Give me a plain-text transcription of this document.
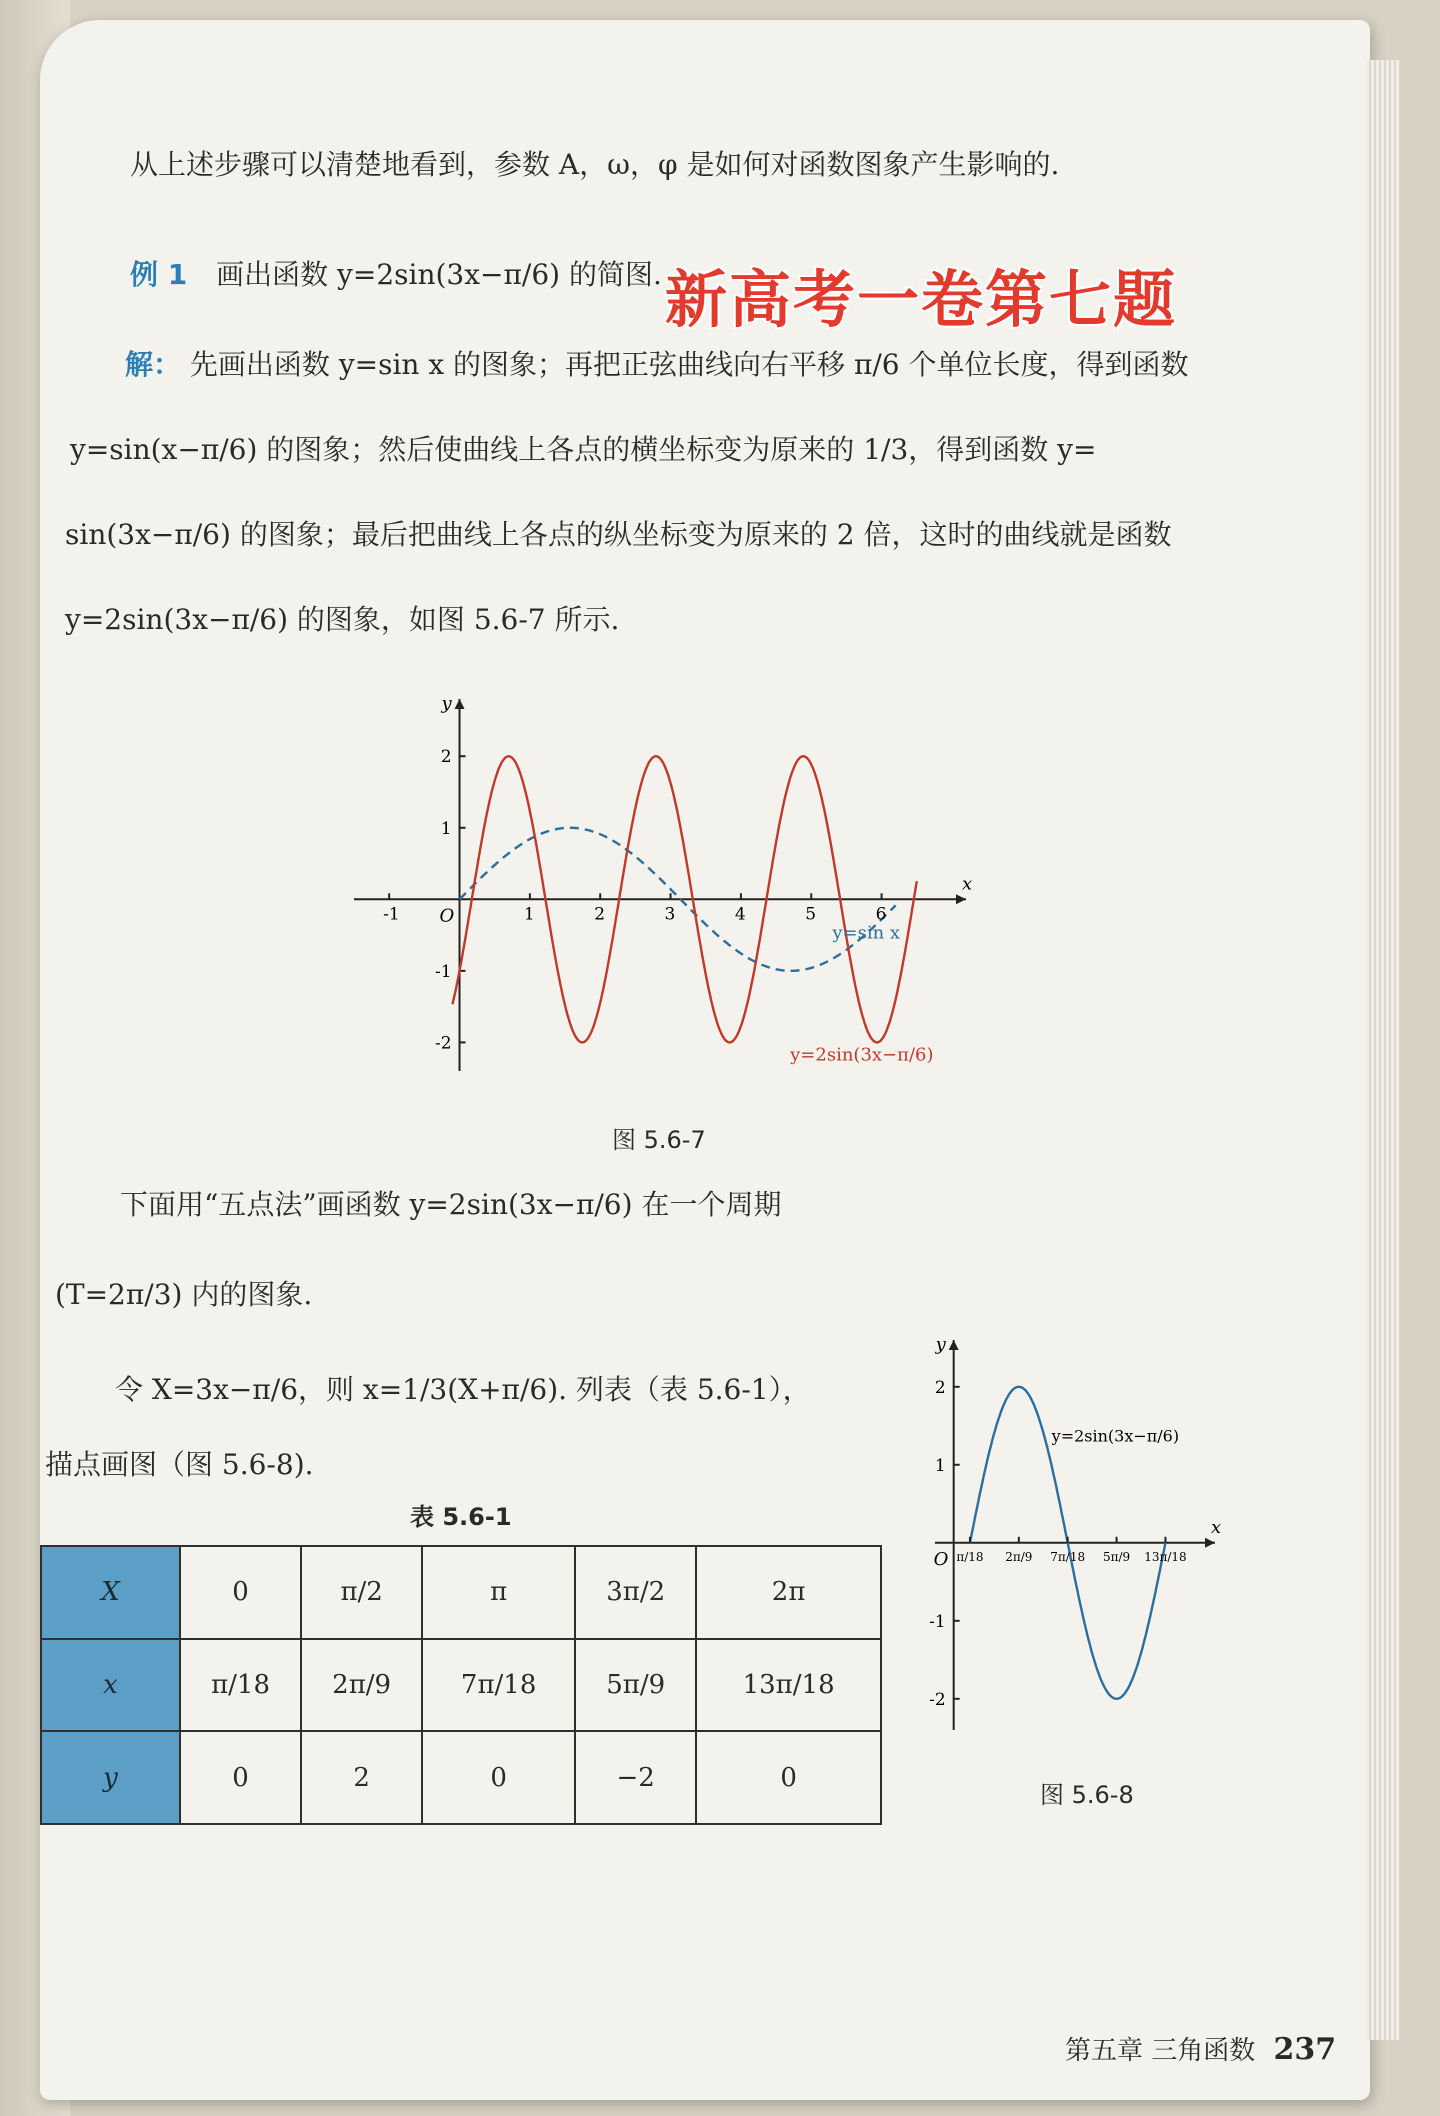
从上述步骤可以清楚地看到，参数 A，ω，φ 是如何对函数图象产生影响的.
例 1 画出函数 y=2sin(3x−π/6) 的简图. 新高考一卷第七题
解： 先画出函数 y=sin x 的图象；再把正弦曲线向右平移 π/6 个单位长度，得到函数
y=sin(x−π/6) 的图象；然后使曲线上各点的横坐标变为原来的 1/3，得到函数 y=
sin(3x−π/6) 的图象；最后把曲线上各点的纵坐标变为原来的 2 倍，这时的曲线就是函数
y=2sin(3x−π/6) 的图象，如图 5.6-7 所示.
x
y
O
2
1
-1
-2
-1	1	2	3	4	5	6
y=sin x
y=2sin(3x−π/6)
图 5.6-7
下面用“五点法”画函数 y=2sin(3x−π/6) 在一个周期
(T=2π/3) 内的图象.
令 X=3x−π/6，则 x=1/3(X+π/6). 列表（表 5.6-1），
描点画图（图 5.6-8).
表 5.6-1
X	0	π/2	π	3π/2	2π
x	π/18	2π/9	7π/18	5π/9	13π/18
y	0	2	0	−2	0
x
y
O
2
1
-1
-2
π/18 2π/9 7π/18 5π/9 13π/18
y=2sin(3x−π/6)
图 5.6-8
第五章 三角函数 237
